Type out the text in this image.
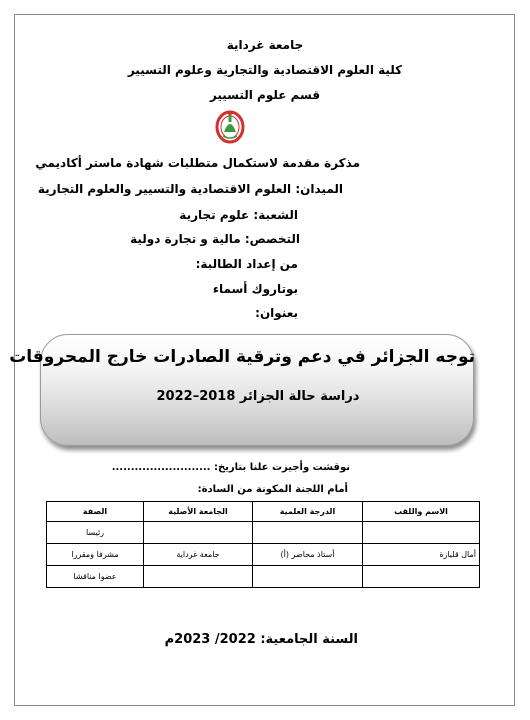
جامعة غرداية
كلية العلوم الاقتصادية والتجارية وعلوم التسيير
قسم علوم التسيير
مذكرة مقدمة لاستكمال متطلبات شهادة ماستر أكاديمي
الميدان: العلوم الاقتصادية والتسيير والعلوم التجارية
الشعبة: علوم تجارية
التخصص: مالية و تجارة دولية
من إعداد الطالبة:
بوتاروك أسماء
بعنوان:
توجه الجزائر في دعم وترقية الصادرات خارج المحروقات
دراسة حالة الجزائر 2018–2022
نوقشت وأجيزت علنا بتاريخ: ..........................
أمام اللجنة المكونة من السادة:
الاسم واللقب	الدرجة العلمية	الجامعة الأصلية	الصفة
			رئيسا
أمال قليازة	أستاذ محاضر (أ)	جامعة غرداية	مشرفا ومقررا
			عضوا مناقشا
السنة الجامعية: 2022/ 2023م
